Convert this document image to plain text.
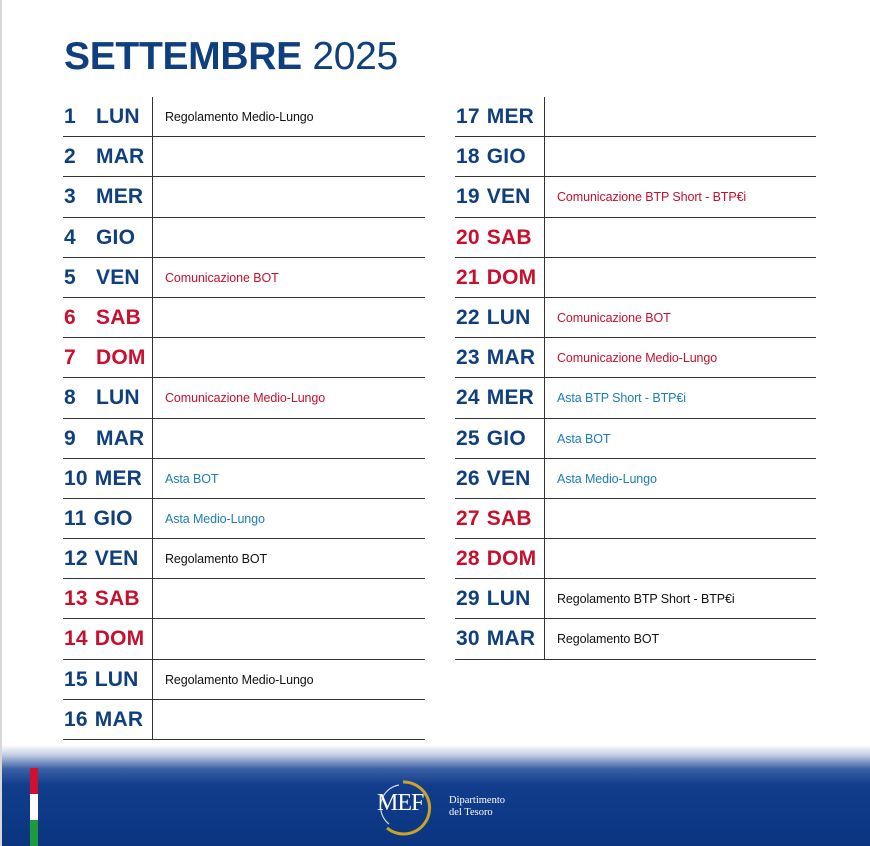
SETTEMBRE 2025
1 LUN Regolamento Medio-Lungo
2 MAR
3 MER
4 GIO
5 VEN Comunicazione BOT
6 SAB
7 DOM
8 LUN Comunicazione Medio-Lungo
9 MAR
10 MER Asta BOT
11 GIO	Asta Medio-Lungo
12 VEN Regolamento BOT
13 SAB
14 DOM
15 LUN Regolamento Medio-Lungo
16 MAR
17 MER
18 GIO
19 VEN Comunicazione BTP Short - BTP€i
20 SAB
21 DOM
22 LUN Comunicazione BOT
23 MAR Comunicazione Medio-Lungo
24 MER Asta BTP Short - BTP€i
25 GIO Asta BOT
26 VEN Asta Medio-Lungo
27 SAB
28 DOM
29 LUN Regolamento BTP Short - BTP€i
30 MAR Regolamento BOT
MEF Dipartimento
del Tesoro
